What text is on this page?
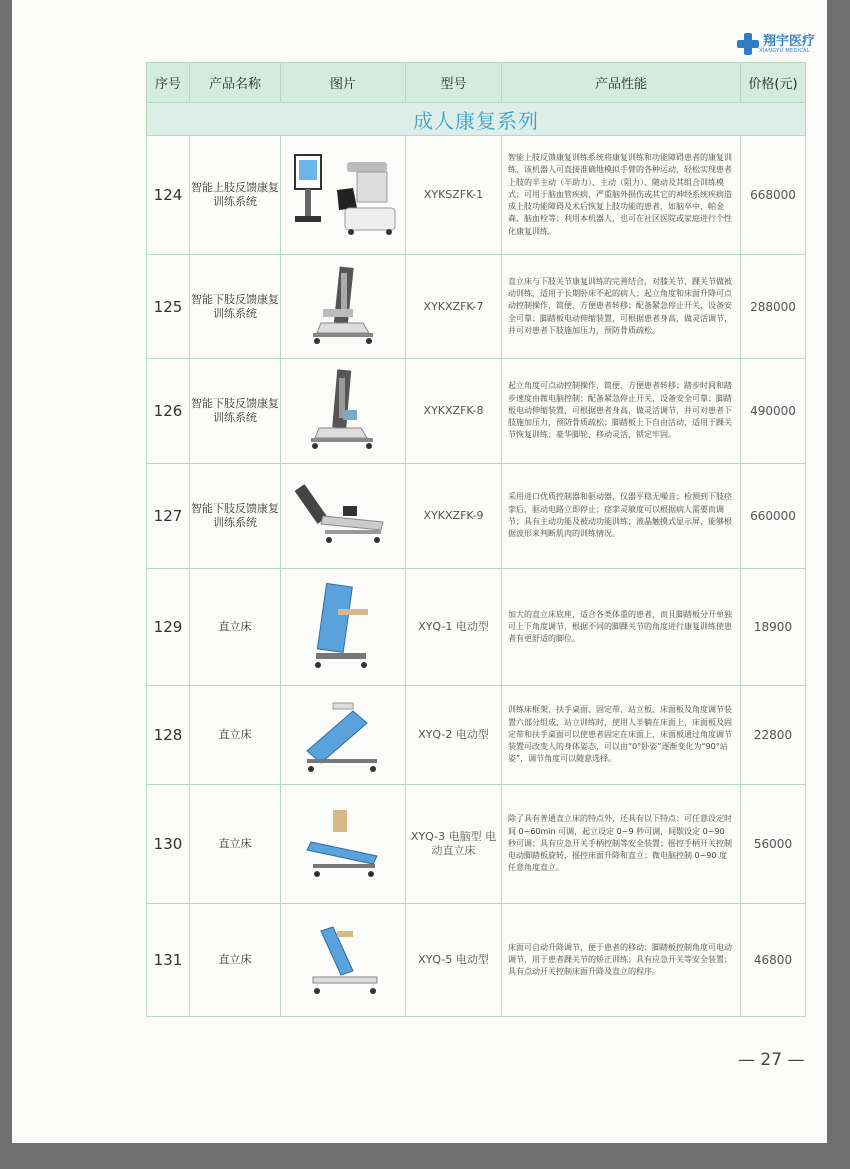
翔宇医疗
XIANGYU MEDICAL
序号	产品名称	图片	型号	产品性能	价格(元)
成人康复系列					
124	智能上肢反馈康复训练系统		XYKSZFK-1	智能上肢反馈康复训练系统将康复训练和功能障碍患者的康复训练，该机器人可直接准确地模拟手臂的各种运动，轻松实现患者上肢的半主动（半助力）、主动（阻力）、随动及其组合训练模式；可用于脑血管疾病、严重脑外损伤或其它的神经系统疾病造成上肢功能障碍及术后恢复上肢功能的患者，如脑卒中、帕金森、脑血栓等；利用本机器人，也可在社区医院或家庭进行个性化康复训练。	668000
125	智能下肢反馈康复训练系统		XYKXZFK-7	直立床与下肢关节康复训练的完善结合，对膝关节、踝关节做被动训练，适用于长期卧床不起的病人；起立角度和床面升降可点动控制操作，简便、方便患者转移；配备紧急停止开关，设备安全可靠；脚踏板电动伸缩装置，可根据患者身高，做灵活调节，并可对患者下肢施加压力，预防骨质疏松。	288000
126	智能下肢反馈康复训练系统		XYKXZFK-8	起立角度可点动控制操作，简便、方便患者转移；踏步时间和踏步速度由微电脑控制；配备紧急停止开关，设备安全可靠；脚踏板电动伸缩装置，可根据患者身高，做灵活调节，并可对患者下肢施加压力，预防骨质疏松；脚踏板上下自由活动，适用于踝关节恢复训练；豪华脚轮，移动灵活，锁定牢固。	490000
127	智能下肢反馈康复训练系统		XYKXZFK-9	采用进口优质控制器和驱动器，仪器平稳无噪音；检测到下肢痉挛后，驱动电路立即停止；痉挛灵敏度可以根据病人需要而调节；具有主动功能及被动功能训练；液晶触摸式显示屏，能够根据波形来判断肌肉的训练情况。	660000
129	直立床		XYQ-1 电动型	加大的直立床底座，适合各类体重的患者，而且脚踏板分开单独可上下角度调节，根据不同的脚踝关节的角度进行康复训练使患者有更舒适的脚位。	18900
128	直立床		XYQ-2 电动型	训练床框架、扶手桌面、固定带、站立板、床面板及角度调节装置六部分组成，站立训练时，使用人半躺在床面上，床面板及固定带和扶手桌面可以使患者固定在床面上，床面板通过角度调节装置可改变人的身体姿态，可以由“0°卧姿”逐渐变化为“90°站姿”，调节角度可以随意选择。	22800
130	直立床		XYQ-3 电脑型 电动直立床	除了具有普通直立床的特点外，还具有以下特点：可任意设定时间 0~60min 可调，起立设定 0~9 秒可调，间歇设定 0~90 秒可调；具有应急开关手柄控制等安全装置；摇控手柄开关控制电动脚踏板旋转，摇控床面升降和直立；微电脑控制 0~90 度任意角度直立。	56000
131	直立床		XYQ-5 电动型	床面可自动升降调节，便于患者的移动；脚踏板控制角度可电动调节，用于患者踝关节的矫正训练；具有应急开关等安全装置；具有点动开关控制床面升降及直立的程序。	46800
— 27 —
